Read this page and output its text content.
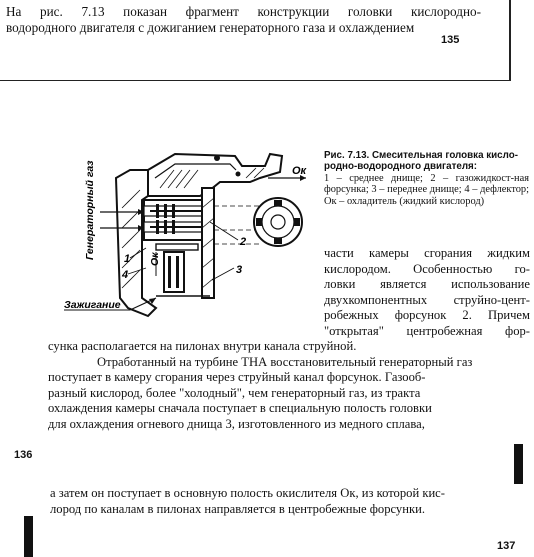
На рис. 7.13 показан фрагмент конструкции головки кислородно-
водородного двигателя с дожиганием генераторного газа и охлаждением
135
Ок
Генераторный газ	Ок
1
4
2
3
Зажигание
Рис. 7.13. Смесительная головка кисло-родно-водородного двигателя:
1 – среднее днище; 2 – газожидкост-ная форсунка; 3 – переднее днище; 4 – дефлектор; Ок – охладитель (жидкий кислород)
части камеры сгорания жидким
кислородом. Особенностью го-
ловки является использование
двухкомпонентных струйно-цент-
робежных форсунок 2. Причем
"открытая" центробежная фор-
сунка располагается на пилонах внутри канала струйной.
Отработанный на турбине ТНА восстановительный генераторный газ
поступает в камеру сгорания через струйный канал форсунок. Газооб-
разный кислород, более "холодный", чем генераторный газ, из тракта
охлаждения камеры сначала поступает в специальную полость головки
для охлаждения огневого днища 3, изготовленного из медного сплава,
136
а затем он поступает в основную полость окислителя Ок, из которой кис-
лород по каналам в пилонах направляется в центробежные форсунки.
137
